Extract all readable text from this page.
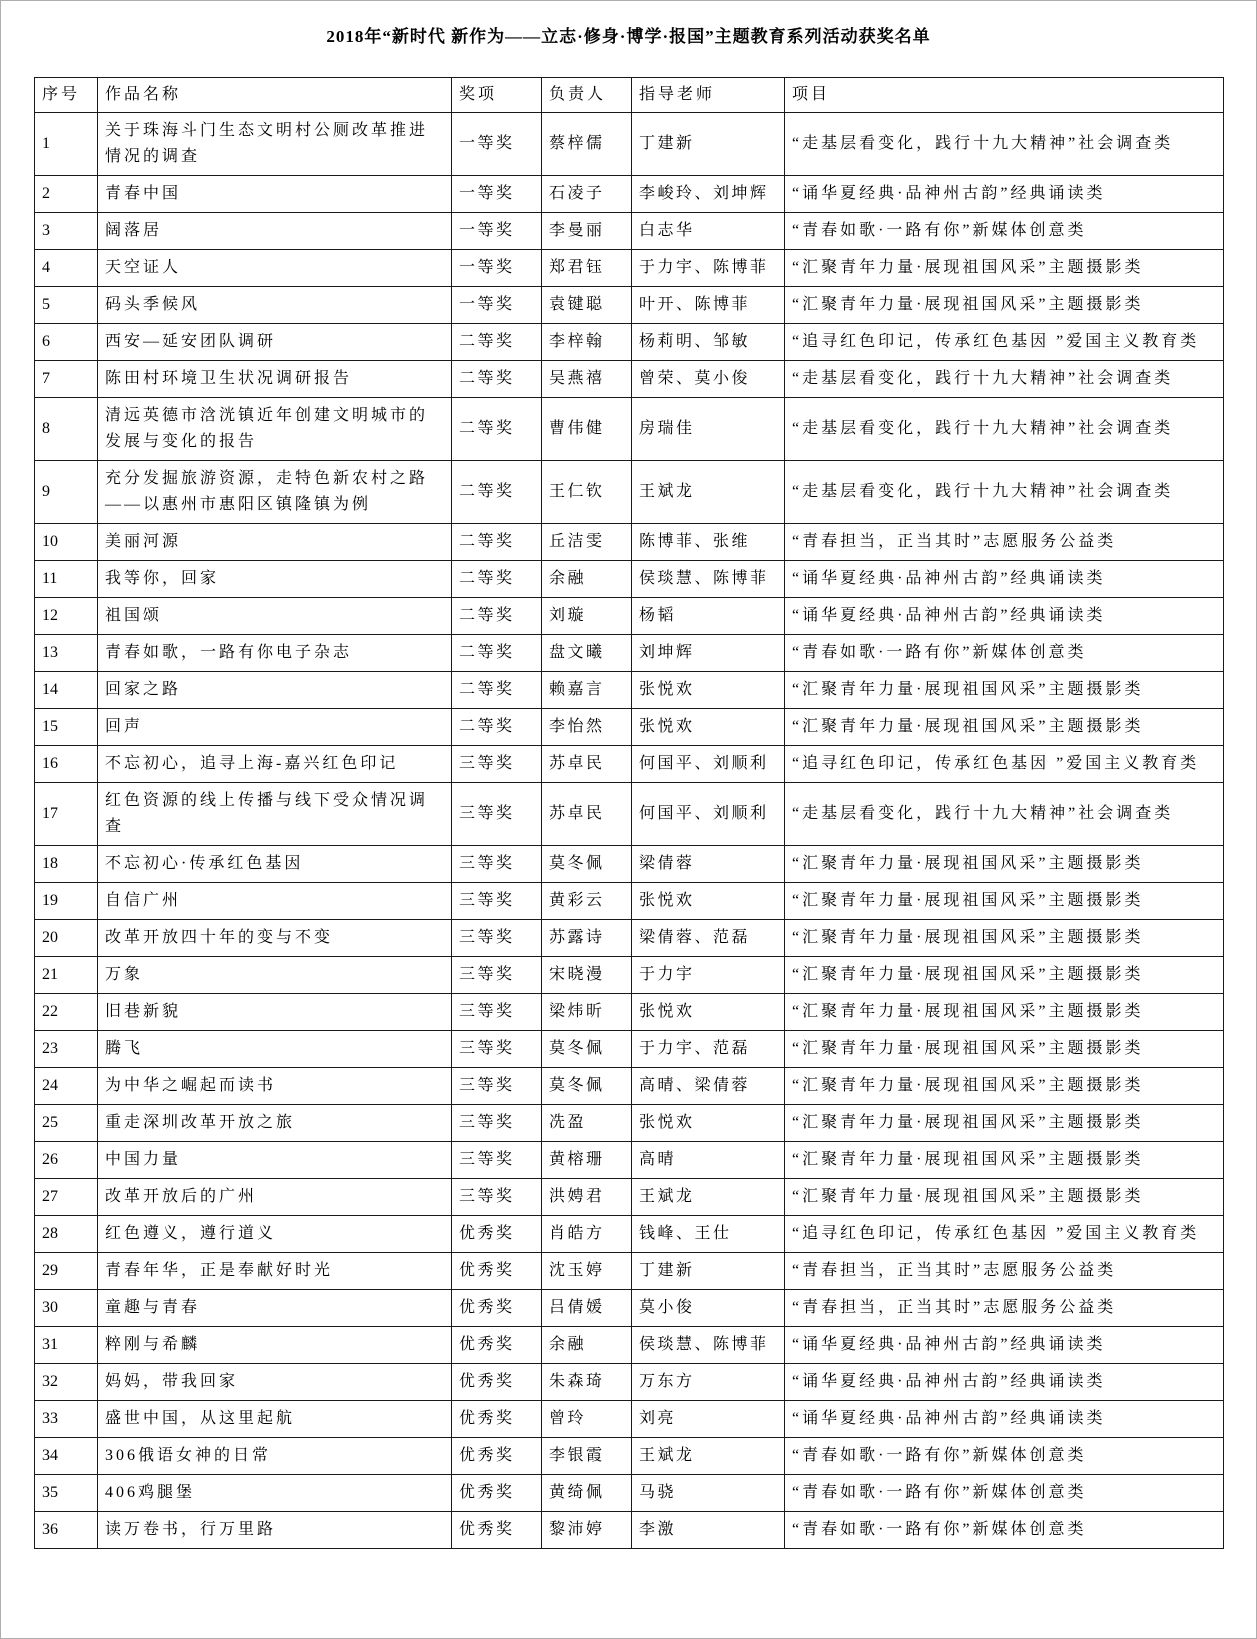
2018年“新时代 新作为——立志·修身·博学·报国”主题教育系列活动获奖名单
序号	作品名称	奖项	负责人	指导老师	项目
1	关于珠海斗门生态文明村公厕改革推进情况的调查	一等奖	蔡梓儒	丁建新	“走基层看变化，践行十九大精神”社会调查类
2	青春中国	一等奖	石凌子	李峻玲、刘坤辉	“诵华夏经典·品神州古韵”经典诵读类
3	阔落居	一等奖	李曼丽	白志华	“青春如歌·一路有你”新媒体创意类
4	天空证人	一等奖	郑君钰	于力宇、陈博菲	“汇聚青年力量·展现祖国风采”主题摄影类
5	码头季候风	一等奖	袁键聪	叶开、陈博菲	“汇聚青年力量·展现祖国风采”主题摄影类
6	西安—延安团队调研	二等奖	李梓翰	杨莉明、邹敏	“追寻红色印记，传承红色基因 ”爱国主义教育类
7	陈田村环境卫生状况调研报告	二等奖	吴燕禧	曾荣、莫小俊	“走基层看变化，践行十九大精神”社会调查类
8	清远英德市浛洸镇近年创建文明城市的发展与变化的报告	二等奖	曹伟健	房瑞佳	“走基层看变化，践行十九大精神”社会调查类
9	充分发掘旅游资源，走特色新农村之路——以惠州市惠阳区镇隆镇为例	二等奖	王仁钦	王斌龙	“走基层看变化，践行十九大精神”社会调查类
10	美丽河源	二等奖	丘洁雯	陈博菲、张维	“青春担当，正当其时”志愿服务公益类
11	我等你，回家	二等奖	余融	侯琰慧、陈博菲	“诵华夏经典·品神州古韵”经典诵读类
12	祖国颂	二等奖	刘璇	杨韬	“诵华夏经典·品神州古韵”经典诵读类
13	青春如歌，一路有你电子杂志	二等奖	盘文曦	刘坤辉	“青春如歌·一路有你”新媒体创意类
14	回家之路	二等奖	赖嘉言	张悦欢	“汇聚青年力量·展现祖国风采”主题摄影类
15	回声	二等奖	李怡然	张悦欢	“汇聚青年力量·展现祖国风采”主题摄影类
16	不忘初心，追寻上海-嘉兴红色印记	三等奖	苏卓民	何国平、刘顺利	“追寻红色印记，传承红色基因 ”爱国主义教育类
17	红色资源的线上传播与线下受众情况调查	三等奖	苏卓民	何国平、刘顺利	“走基层看变化，践行十九大精神”社会调查类
18	不忘初心·传承红色基因	三等奖	莫冬佩	梁倩蓉	“汇聚青年力量·展现祖国风采”主题摄影类
19	自信广州	三等奖	黄彩云	张悦欢	“汇聚青年力量·展现祖国风采”主题摄影类
20	改革开放四十年的变与不变	三等奖	苏露诗	梁倩蓉、范磊	“汇聚青年力量·展现祖国风采”主题摄影类
21	万象	三等奖	宋晓漫	于力宇	“汇聚青年力量·展现祖国风采”主题摄影类
22	旧巷新貌	三等奖	梁炜昕	张悦欢	“汇聚青年力量·展现祖国风采”主题摄影类
23	腾飞	三等奖	莫冬佩	于力宇、范磊	“汇聚青年力量·展现祖国风采”主题摄影类
24	为中华之崛起而读书	三等奖	莫冬佩	高晴、梁倩蓉	“汇聚青年力量·展现祖国风采”主题摄影类
25	重走深圳改革开放之旅	三等奖	冼盈	张悦欢	“汇聚青年力量·展现祖国风采”主题摄影类
26	中国力量	三等奖	黄榕珊	高晴	“汇聚青年力量·展现祖国风采”主题摄影类
27	改革开放后的广州	三等奖	洪娉君	王斌龙	“汇聚青年力量·展现祖国风采”主题摄影类
28	红色遵义，遵行道义	优秀奖	肖皓方	钱峰、王仕	“追寻红色印记，传承红色基因 ”爱国主义教育类
29	青春年华，正是奉献好时光	优秀奖	沈玉婷	丁建新	“青春担当，正当其时”志愿服务公益类
30	童趣与青春	优秀奖	吕倩媛	莫小俊	“青春担当，正当其时”志愿服务公益类
31	粹刚与希麟	优秀奖	余融	侯琰慧、陈博菲	“诵华夏经典·品神州古韵”经典诵读类
32	妈妈，带我回家	优秀奖	朱森琦	万东方	“诵华夏经典·品神州古韵”经典诵读类
33	盛世中国，从这里起航	优秀奖	曾玲	刘亮	“诵华夏经典·品神州古韵”经典诵读类
34	306俄语女神的日常	优秀奖	李银霞	王斌龙	“青春如歌·一路有你”新媒体创意类
35	406鸡腿堡	优秀奖	黄绮佩	马骁	“青春如歌·一路有你”新媒体创意类
36	读万卷书，行万里路	优秀奖	黎沛婷	李激	“青春如歌·一路有你”新媒体创意类
